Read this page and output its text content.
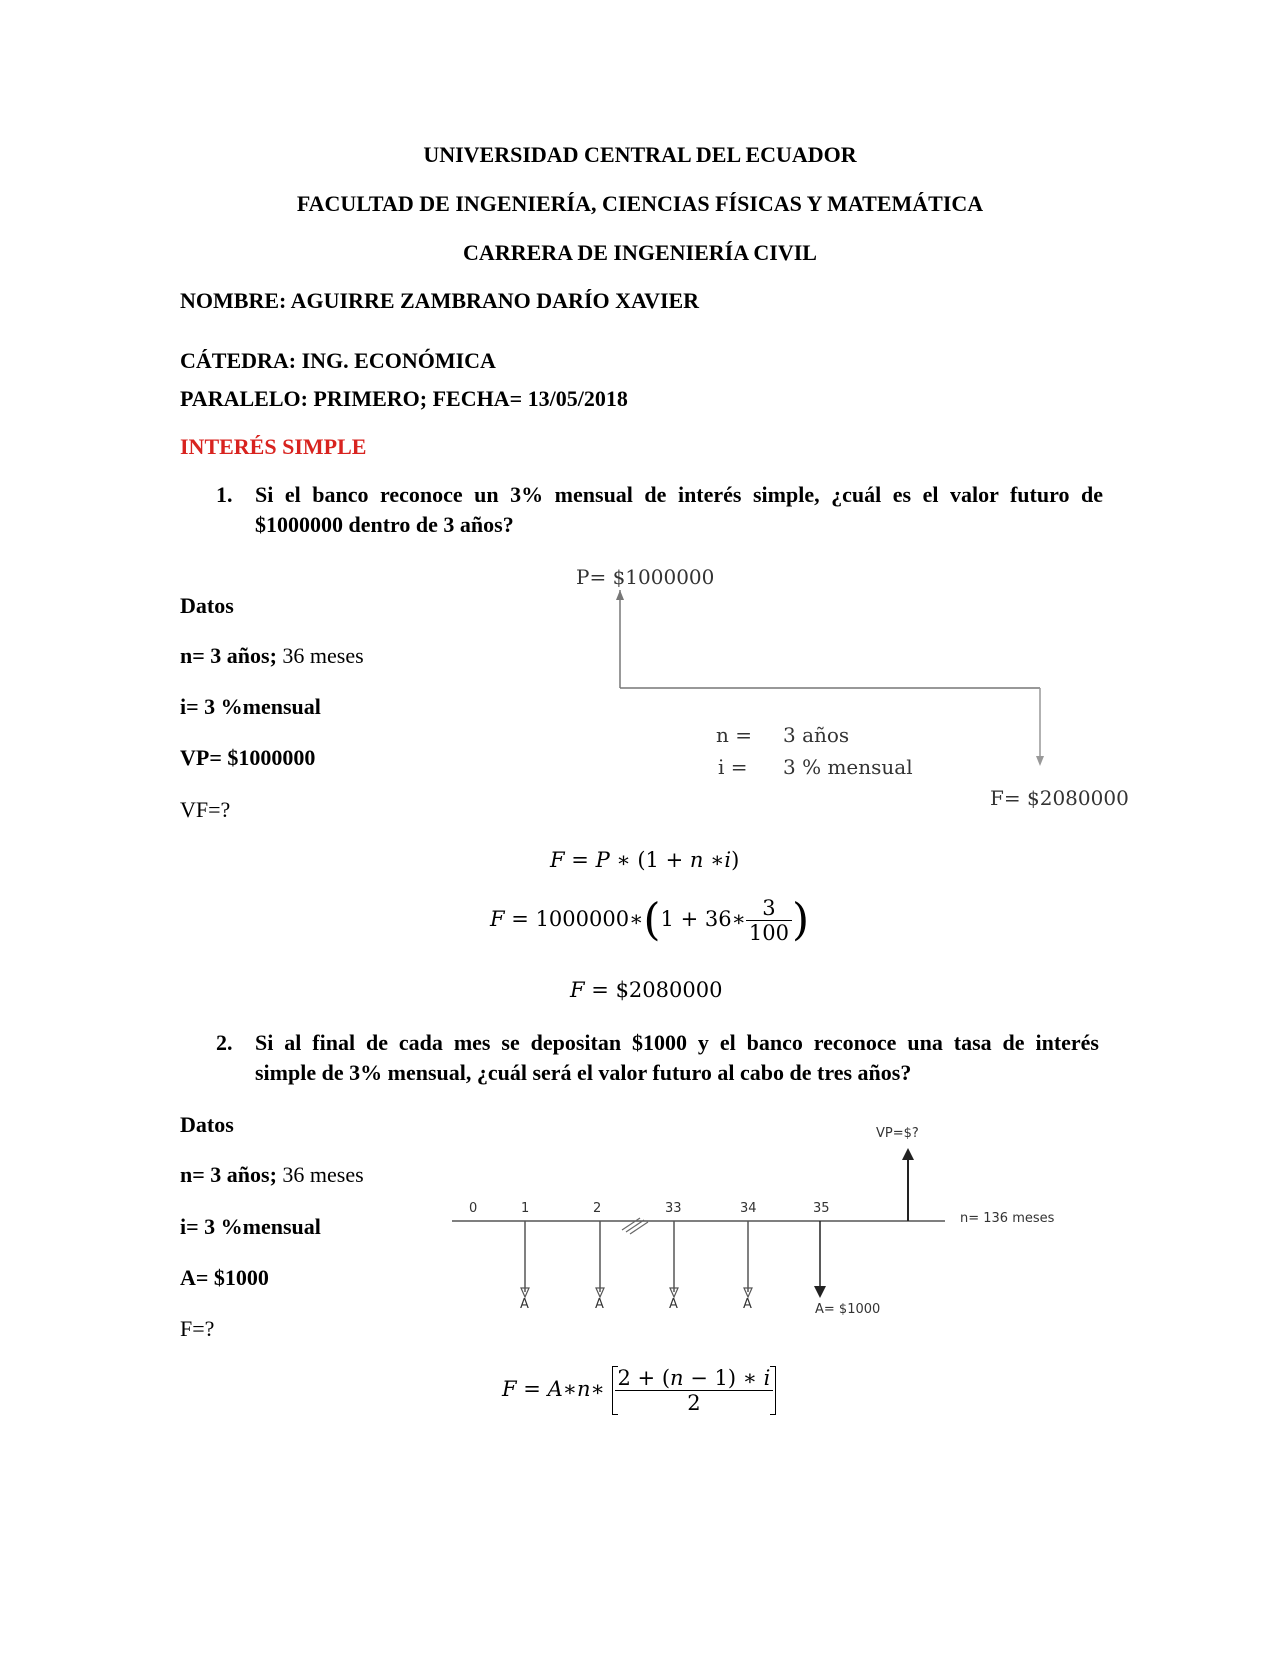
UNIVERSIDAD CENTRAL DEL ECUADOR
FACULTAD DE INGENIERÍA, CIENCIAS FÍSICAS Y MATEMÁTICA
CARRERA DE INGENIERÍA CIVIL
NOMBRE: AGUIRRE ZAMBRANO DARÍO XAVIER
CÁTEDRA: ING. ECONÓMICA
PARALELO: PRIMERO; FECHA= 13/05/2018
INTERÉS SIMPLE
1. Si el banco reconoce un 3% mensual de interés simple, ¿cuál es el valor futuro de
$1000000 dentro de 3 años?
Datos
n= 3 años; 36 meses
i= 3 %mensual
VP= $1000000
VF=?
P= $1000000
n = 3 años
i = 3 % mensual
F= $2080000
F = P ∗ (1 + n ∗i)
F = 1000000∗(1 + 36∗ $\frac{3}{100}$ )
F = $2080000
2. Si al final de cada mes se depositan $1000 y el banco reconoce una tasa de interés
simple de 3% mensual, ¿cuál será el valor futuro al cabo de tres años?
Datos
n= 3 años; 36 meses
i= 3 %mensual
A= $1000
F=?
0	1	2	33	34	35
VP=$?
n= 136 meses
A	A	A	A	A= $1000
F = A∗n∗ $\frac{2 + (n - 1) ∗ i}{2}$
